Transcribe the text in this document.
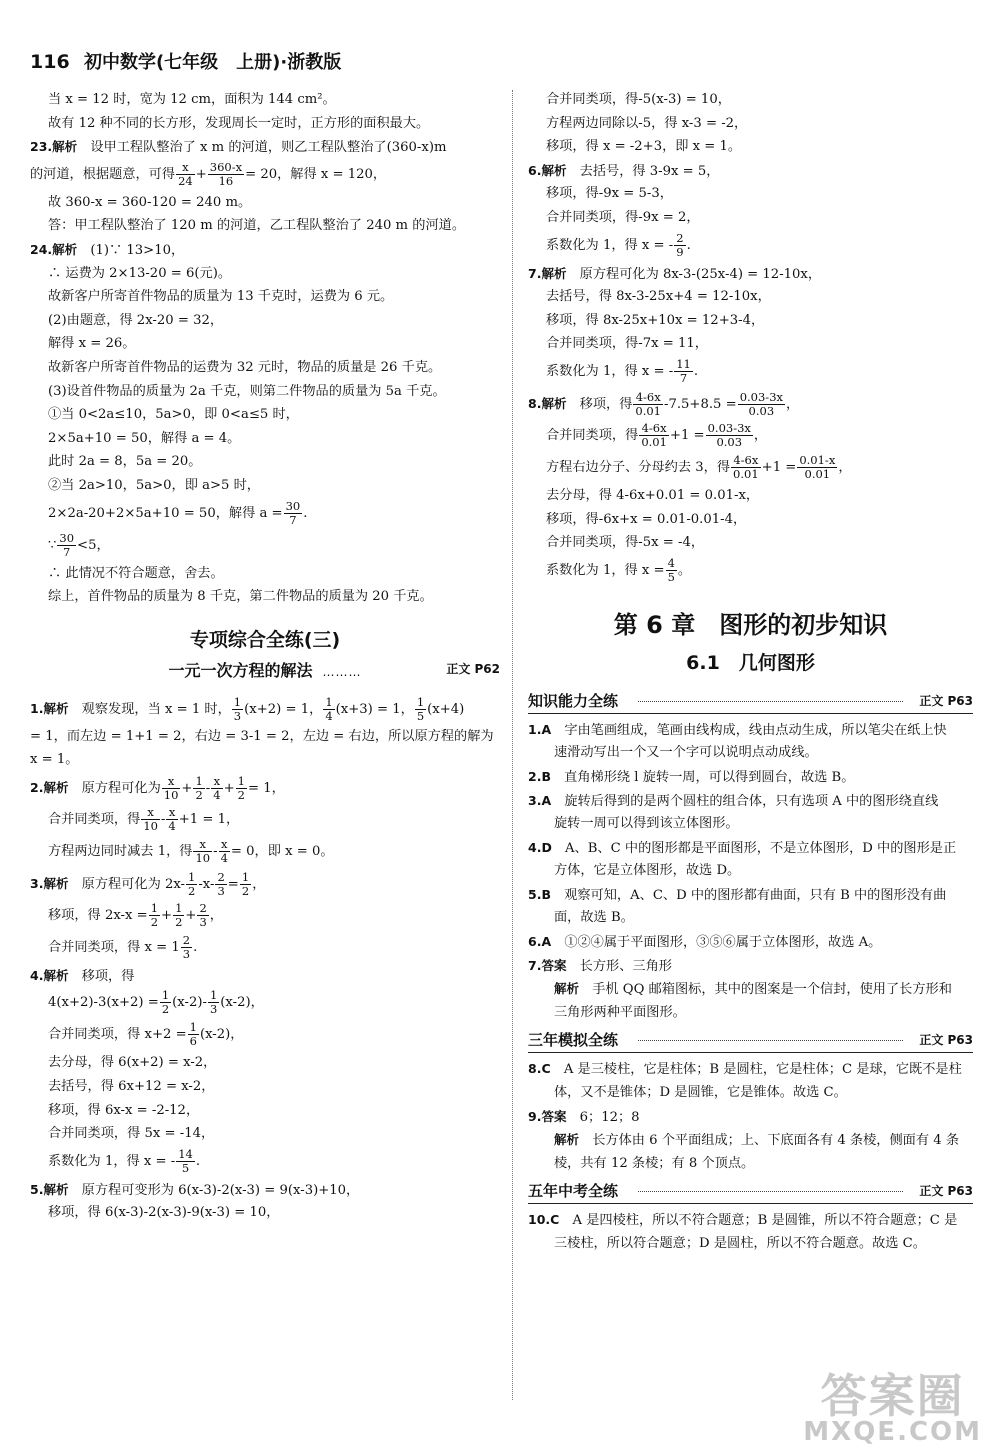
116 初中数学(七年级　上册)·浙教版
当 x = 12 时，宽为 12 cm，面积为 144 cm²。
故有 12 种不同的长方形，发现周长一定时，正方形的面积最大。
23.解析　 设甲工程队整治了 x m 的河道，则乙工程队整治了(360-x)m
的河道，根据题意，可得 $\frac{x}{24} + \frac{360-x}{16} = 20$，解得 x = 120，
故 360-x = 360-120 = 240 m。
答：甲工程队整治了 120 m 的河道，乙工程队整治了 240 m 的河道。
24.解析　 (1)∵ 13>10，
∴ 运费为 2×13-20 = 6(元)。
故新客户所寄首件物品的质量为 13 千克时，运费为 6 元。
(2)由题意，得 2x-20 = 32，
解得 x = 26。
故新客户所寄首件物品的运费为 32 元时，物品的质量是 26 千克。
(3)设首件物品的质量为 2a 千克，则第二件物品的质量为 5a 千克。
①当 0<2a≤10，5a>0，即 0<a≤5 时，
2×5a+10 = 50，解得 a = 4。
此时 2a = 8，5a = 20。
②当 2a>10，5a>0，即 a>5 时，
2×2a-20+2×5a+10 = 50，解得 $a = \frac{30}{7}$ .
∵ $\frac{30}{7} <5$，
∴ 此情况不符合题意，舍去。
综上，首件物品的质量为 8 千克，第二件物品的质量为 20 千克。
专项综合全练(三)
一元一次方程的解法 ………	正文 P62
1.解析　 观察发现，当 x = 1 时， $\frac{1}{3} (x+2) = 1$， $\frac{1}{4} (x+3) = 1$， $\frac{1}{5} (x+4)$
= 1，而左边 = 1+1 = 2，右边 = 3-1 = 2，左边 = 右边，所以原方程的解为
x = 1。
2.解析　 原方程可化为 $\frac{x}{10} + \frac{1}{2} - \frac{x}{4} + \frac{1}{2} = 1$，
合并同类项，得 $\frac{x}{10} - \frac{x}{4} +1 = 1$，
方程两边同时减去 1，得 $\frac{x}{10} - \frac{x}{4} = 0$，即 x = 0。
3.解析　 原方程可化为 $2x- \frac{1}{2} -x- \frac{2}{3} = \frac{1}{2}$ ，
移项，得 $2x-x = \frac{1}{2} + \frac{1}{2} + \frac{2}{3}$ ，
合并同类项，得 $x = 1 \frac{2}{3}$ .
4.解析　 移项，得
$4(x+2)-3(x+2) = \frac{1}{2} (x-2)- \frac{1}{3} (x-2)$，
合并同类项，得 $x+2 = \frac{1}{6} (x-2)$，
去分母，得 6(x+2) = x-2，
去括号，得 6x+12 = x-2，
移项，得 6x-x = -2-12，
合并同类项，得 5x = -14，
系数化为 1，得 x = - $\frac{14}{5}$ .
5.解析　 原方程可变形为 6(x-3)-2(x-3) = 9(x-3)+10，
移项，得 6(x-3)-2(x-3)-9(x-3) = 10，
合并同类项，得-5(x-3) = 10，
方程两边同除以-5，得 x-3 = -2，
移项，得 x = -2+3，即 x = 1。
6.解析　 去括号，得 3-9x = 5，
移项，得-9x = 5-3，
合并同类项，得-9x = 2，
系数化为 1，得 x = - $\frac{2}{9}$ .
7.解析　 原方程可化为 8x-3-(25x-4) = 12-10x，
去括号，得 8x-3-25x+4 = 12-10x，
移项，得 8x-25x+10x = 12+3-4，
合并同类项，得-7x = 11，
系数化为 1，得 x = - $\frac{11}{7}$ .
8.解析　 移项，得 $\frac{4-6x}{0.01} -7.5+8.5 = \frac{0.03-3x}{0.03}$ ，
合并同类项，得 $\frac{4-6x}{0.01} +1 = \frac{0.03-3x}{0.03}$ ，
方程右边分子、分母约去 3，得 $\frac{4-6x}{0.01} +1 = \frac{0.01-x}{0.01}$ ，
去分母，得 4-6x+0.01 = 0.01-x，
移项，得-6x+x = 0.01-0.01-4，
合并同类项，得-5x = -4，
系数化为 1，得 $x = \frac{4}{5}$ 。
第 6 章　图形的初步知识
6.1　几何图形
知识能力全练	正文 P63
1.A　 字由笔画组成，笔画由线构成，线由点动生成，所以笔尖在纸上快
速滑动写出一个又一个字可以说明点动成线。
2.B　 直角梯形绕 l 旋转一周，可以得到圆台，故选 B。
3.A　 旋转后得到的是两个圆柱的组合体，只有选项 A 中的图形绕直线
旋转一周可以得到该立体图形。
4.D　 A、B、C 中的图形都是平面图形，不是立体图形，D 中的图形是正
方体，它是立体图形，故选 D。
5.B　 观察可知，A、C、D 中的图形都有曲面，只有 B 中的图形没有曲
面，故选 B。
6.A　 ①②④属于平面图形，③⑤⑥属于立体图形，故选 A。
7.答案　 长方形、三角形
解析　 手机 QQ 邮箱图标，其中的图案是一个信封，使用了长方形和
三角形两种平面图形。
三年模拟全练	正文 P63
8.C　 A 是三棱柱，它是柱体；B 是圆柱，它是柱体；C 是球，它既不是柱
体，又不是锥体；D 是圆锥，它是锥体。故选 C。
9.答案　 6；12；8
解析　 长方体由 6 个平面组成；上、下底面各有 4 条棱，侧面有 4 条
棱，共有 12 条棱；有 8 个顶点。
五年中考全练	正文 P63
10.C　 A 是四棱柱，所以不符合题意；B 是圆锥，所以不符合题意；C 是
三棱柱，所以符合题意；D 是圆柱，所以不符合题意。故选 C。
答案圈
MXQE.COM
